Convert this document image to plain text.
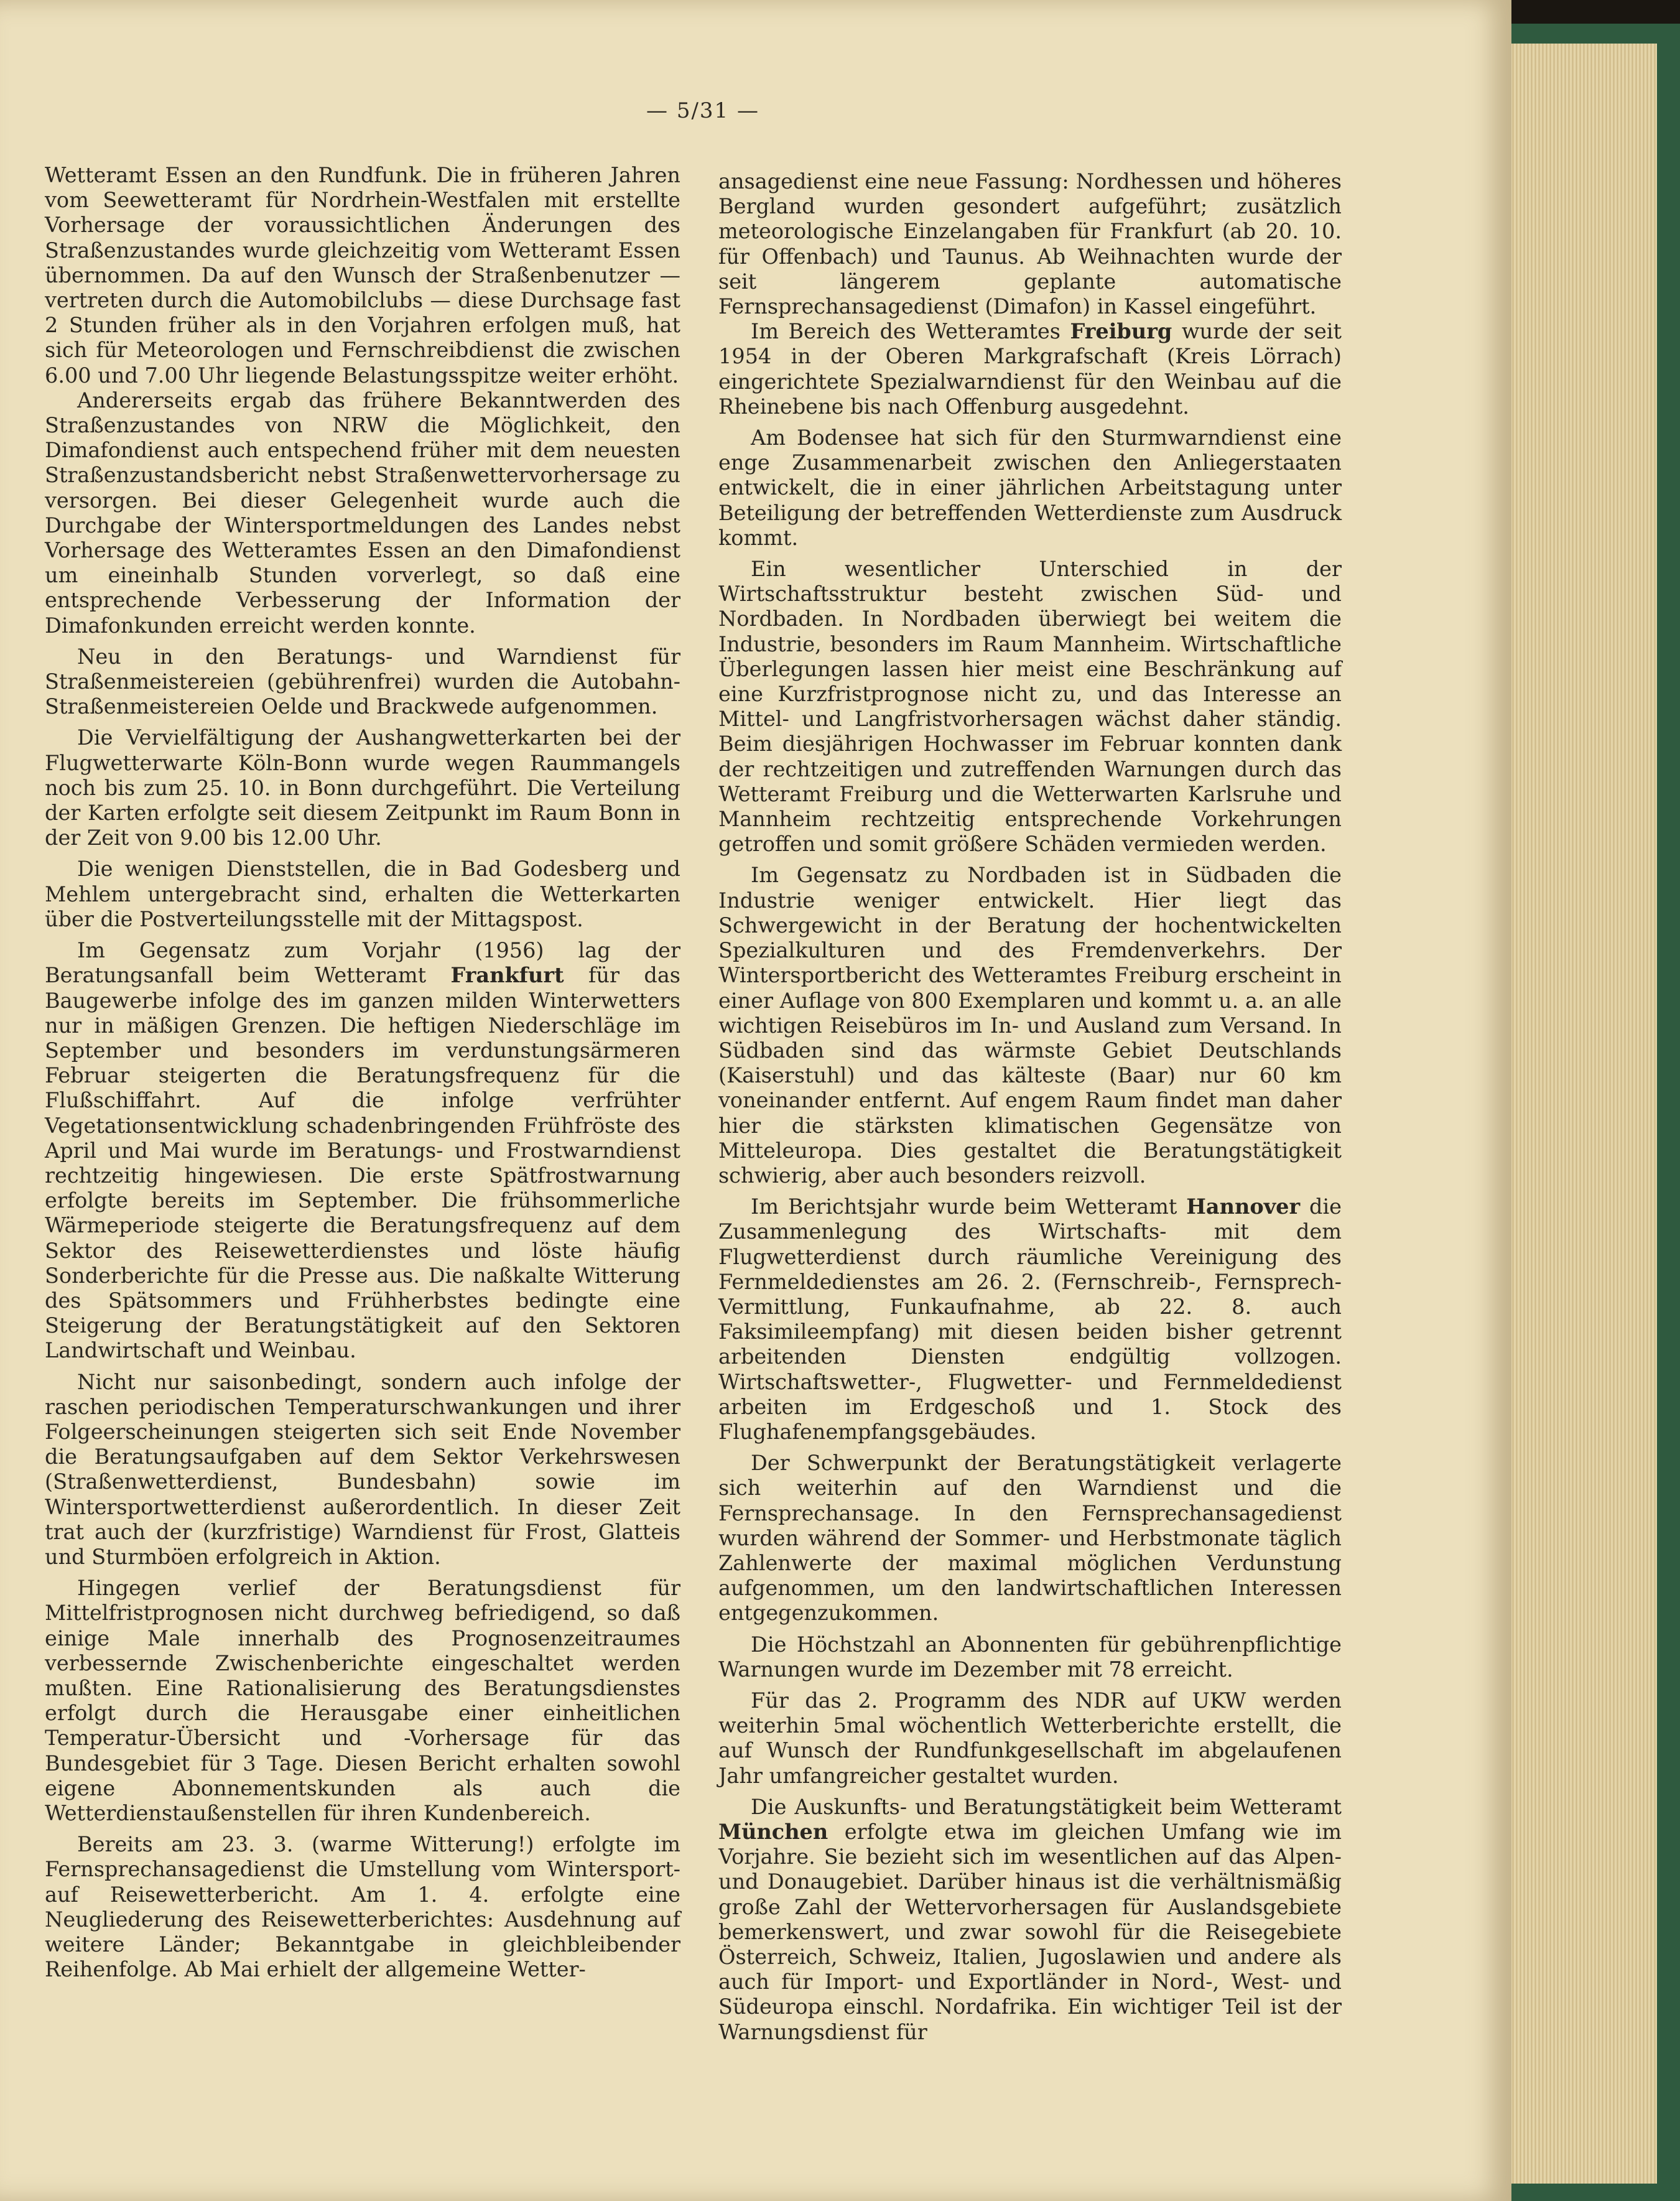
— 5/31 —

Wetteramt Essen an den Rundfunk. Die in früheren Jahren vom Seewetteramt für Nordrhein-Westfalen mit erstellte Vorhersage der voraussichtlichen Änderungen des Straßenzustandes wurde gleichzeitig vom Wetteramt Essen übernommen. Da auf den Wunsch der Straßenbenutzer — vertreten durch die Automobilclubs — diese Durchsage fast 2 Stunden früher als in den Vorjahren erfolgen muß, hat sich für Meteorologen und Fernschreibdienst die zwischen 6.00 und 7.00 Uhr liegende Belastungsspitze weiter erhöht.

Andererseits ergab das frühere Bekanntwerden des Straßenzustandes von NRW die Möglichkeit, den Dimafondienst auch entspechend früher mit dem neuesten Straßenzustandsbericht nebst Straßenwettervorhersage zu versorgen. Bei dieser Gelegenheit wurde auch die Durchgabe der Wintersportmeldungen des Landes nebst Vorhersage des Wetteramtes Essen an den Dimafondienst um eineinhalb Stunden vorverlegt, so daß eine entsprechende Verbesserung der Information der Dimafonkunden erreicht werden konnte.

Neu in den Beratungs- und Warndienst für Straßenmeistereien (gebührenfrei) wurden die Autobahn-Straßenmeistereien Oelde und Brackwede aufgenommen.

Die Vervielfältigung der Aushangwetterkarten bei der Flugwetterwarte Köln-Bonn wurde wegen Raummangels noch bis zum 25. 10. in Bonn durchgeführt. Die Verteilung der Karten erfolgte seit diesem Zeitpunkt im Raum Bonn in der Zeit von 9.00 bis 12.00 Uhr.

Die wenigen Dienststellen, die in Bad Godesberg und Mehlem untergebracht sind, erhalten die Wetterkarten über die Postverteilungsstelle mit der Mittagspost.

Im Gegensatz zum Vorjahr (1956) lag der Beratungsanfall beim Wetteramt Frankfurt für das Baugewerbe infolge des im ganzen milden Winterwetters nur in mäßigen Grenzen. Die heftigen Niederschläge im September und besonders im verdunstungsärmeren Februar steigerten die Beratungsfrequenz für die Flußschiffahrt. Auf die infolge verfrühter Vegetationsentwicklung schadenbringenden Frühfröste des April und Mai wurde im Beratungs- und Frostwarndienst rechtzeitig hingewiesen. Die erste Spätfrostwarnung erfolgte bereits im September. Die frühsommerliche Wärmeperiode steigerte die Beratungsfrequenz auf dem Sektor des Reisewetterdienstes und löste häufig Sonderberichte für die Presse aus. Die naßkalte Witterung des Spätsommers und Frühherbstes bedingte eine Steigerung der Beratungstätigkeit auf den Sektoren Landwirtschaft und Weinbau.

Nicht nur saisonbedingt, sondern auch infolge der raschen periodischen Temperaturschwankungen und ihrer Folgeerscheinungen steigerten sich seit Ende November die Beratungsaufgaben auf dem Sektor Verkehrswesen (Straßenwetterdienst, Bundesbahn) sowie im Wintersportwetterdienst außerordentlich. In dieser Zeit trat auch der (kurzfristige) Warndienst für Frost, Glatteis und Sturmböen erfolgreich in Aktion.

Hingegen verlief der Beratungsdienst für Mittelfristprognosen nicht durchweg befriedigend, so daß einige Male innerhalb des Prognosenzeitraumes verbessernde Zwischenberichte eingeschaltet werden mußten. Eine Rationalisierung des Beratungsdienstes erfolgt durch die Herausgabe einer einheitlichen Temperatur-Übersicht und -Vorhersage für das Bundesgebiet für 3 Tage. Diesen Bericht erhalten sowohl eigene Abonnementskunden als auch die Wetterdienstaußenstellen für ihren Kundenbereich.

Bereits am 23. 3. (warme Witterung!) erfolgte im Fernsprechansagedienst die Umstellung vom Wintersport- auf Reisewetterbericht. Am 1. 4. erfolgte eine Neugliederung des Reisewetterberichtes: Ausdehnung auf weitere Länder; Bekanntgabe in gleichbleibender Reihenfolge. Ab Mai erhielt der allgemeine Wetter-

ansagedienst eine neue Fassung: Nordhessen und höheres Bergland wurden gesondert aufgeführt; zusätzlich meteorologische Einzelangaben für Frankfurt (ab 20. 10. für Offenbach) und Taunus. Ab Weihnachten wurde der seit längerem geplante automatische Fernsprechansagedienst (Dimafon) in Kassel eingeführt.

Im Bereich des Wetteramtes Freiburg wurde der seit 1954 in der Oberen Markgrafschaft (Kreis Lörrach) eingerichtete Spezialwarndienst für den Weinbau auf die Rheinebene bis nach Offenburg ausgedehnt.

Am Bodensee hat sich für den Sturmwarndienst eine enge Zusammenarbeit zwischen den Anliegerstaaten entwickelt, die in einer jährlichen Arbeitstagung unter Beteiligung der betreffenden Wetterdienste zum Ausdruck kommt.

Ein wesentlicher Unterschied in der Wirtschaftsstruktur besteht zwischen Süd- und Nordbaden. In Nordbaden überwiegt bei weitem die Industrie, besonders im Raum Mannheim. Wirtschaftliche Überlegungen lassen hier meist eine Beschränkung auf eine Kurzfristprognose nicht zu, und das Interesse an Mittel- und Langfristvorhersagen wächst daher ständig. Beim diesjährigen Hochwasser im Februar konnten dank der rechtzeitigen und zutreffenden Warnungen durch das Wetteramt Freiburg und die Wetterwarten Karlsruhe und Mannheim rechtzeitig entsprechende Vorkehrungen getroffen und somit größere Schäden vermieden werden.

Im Gegensatz zu Nordbaden ist in Südbaden die Industrie weniger entwickelt. Hier liegt das Schwergewicht in der Beratung der hochentwickelten Spezialkulturen und des Fremdenverkehrs. Der Wintersportbericht des Wetteramtes Freiburg erscheint in einer Auflage von 800 Exemplaren und kommt u. a. an alle wichtigen Reisebüros im In- und Ausland zum Versand. In Südbaden sind das wärmste Gebiet Deutschlands (Kaiserstuhl) und das kälteste (Baar) nur 60 km voneinander entfernt. Auf engem Raum findet man daher hier die stärksten klimatischen Gegensätze von Mitteleuropa. Dies gestaltet die Beratungstätigkeit schwierig, aber auch besonders reizvoll.

Im Berichtsjahr wurde beim Wetteramt Hannover die Zusammenlegung des Wirtschafts- mit dem Flugwetterdienst durch räumliche Vereinigung des Fernmeldedienstes am 26. 2. (Fernschreib-, Fernsprech-Vermittlung, Funkaufnahme, ab 22. 8. auch Faksimileempfang) mit diesen beiden bisher getrennt arbeitenden Diensten endgültig vollzogen. Wirtschaftswetter-, Flugwetter- und Fernmeldedienst arbeiten im Erdgeschoß und 1. Stock des Flughafenempfangsgebäudes.

Der Schwerpunkt der Beratungstätigkeit verlagerte sich weiterhin auf den Warndienst und die Fernsprechansage. In den Fernsprechansagedienst wurden während der Sommer- und Herbstmonate täglich Zahlenwerte der maximal möglichen Verdunstung aufgenommen, um den landwirtschaftlichen Interessen entgegenzukommen.

Die Höchstzahl an Abonnenten für gebührenpflichtige Warnungen wurde im Dezember mit 78 erreicht.

Für das 2. Programm des NDR auf UKW werden weiterhin 5mal wöchentlich Wetterberichte erstellt, die auf Wunsch der Rundfunkgesellschaft im abgelaufenen Jahr umfangreicher gestaltet wurden.

Die Auskunfts- und Beratungstätigkeit beim Wetteramt München erfolgte etwa im gleichen Umfang wie im Vorjahre. Sie bezieht sich im wesentlichen auf das Alpen- und Donaugebiet. Darüber hinaus ist die verhältnismäßig große Zahl der Wettervorhersagen für Auslandsgebiete bemerkenswert, und zwar sowohl für die Reisegebiete Österreich, Schweiz, Italien, Jugoslawien und andere als auch für Import- und Exportländer in Nord-, West- und Südeuropa einschl. Nordafrika. Ein wichtiger Teil ist der Warnungsdienst für
